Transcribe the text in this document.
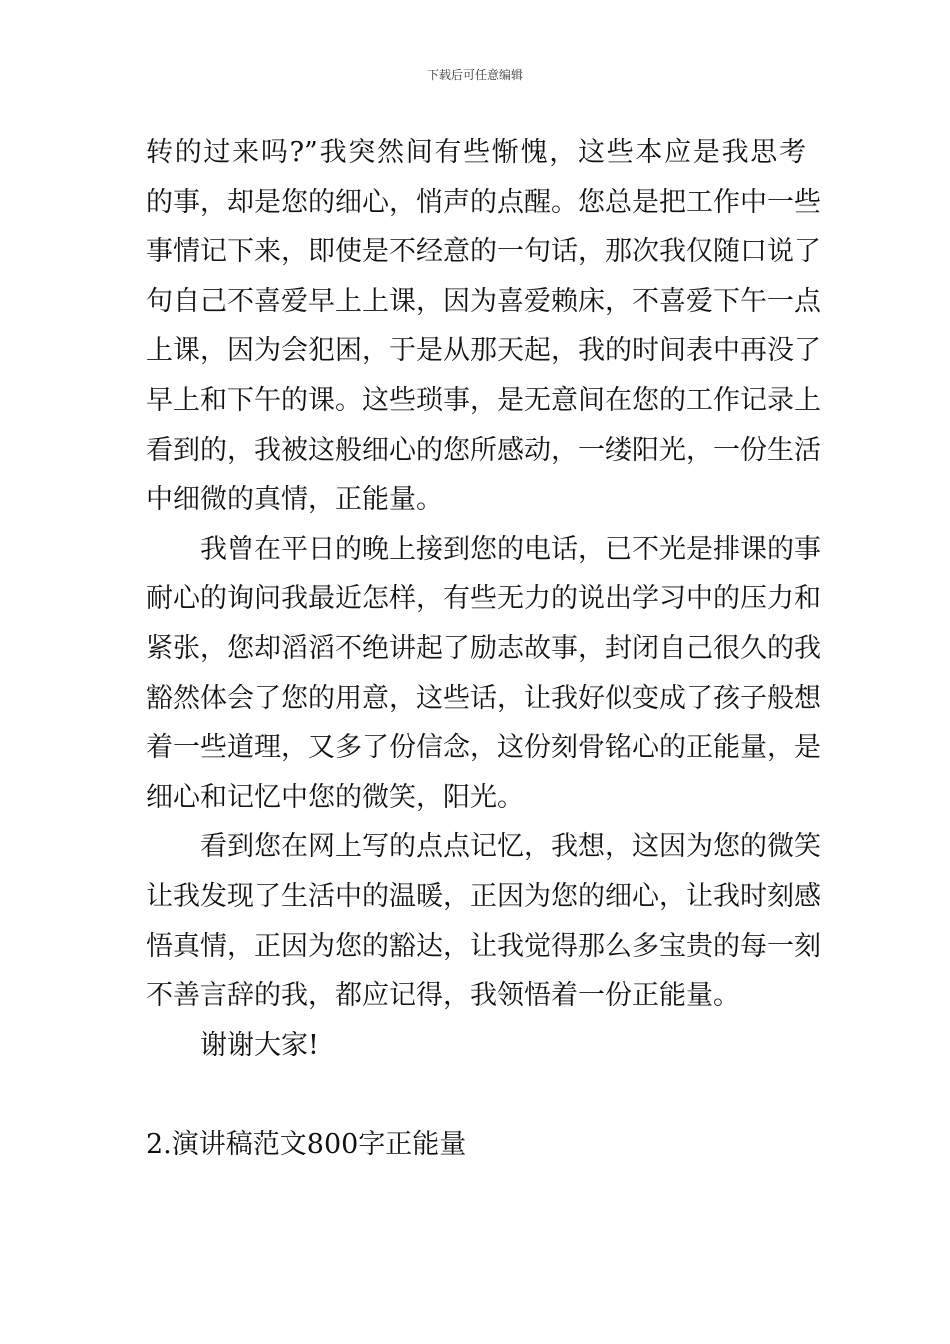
下载后可任意编辑
转的过来吗?”我突然间有些惭愧，这些本应是我思考
的事，却是您的细心，悄声的点醒。您总是把工作中一些
事情记下来，即使是不经意的一句话，那次我仅随口说了
句自己不喜爱早上上课，因为喜爱赖床，不喜爱下午一点
上课，因为会犯困，于是从那天起，我的时间表中再没了
早上和下午的课。这些琐事，是无意间在您的工作记录上
看到的，我被这般细心的您所感动，一缕阳光，一份生活
中细微的真情，正能量。
我曾在平日的晚上接到您的电话，已不光是排课的事
耐心的询问我最近怎样，有些无力的说出学习中的压力和
紧张，您却滔滔不绝讲起了励志故事，封闭自己很久的我
豁然体会了您的用意，这些话，让我好似变成了孩子般想
着一些道理，又多了份信念，这份刻骨铭心的正能量，是
细心和记忆中您的微笑，阳光。
看到您在网上写的点点记忆，我想，这因为您的微笑
让我发现了生活中的温暖，正因为您的细心，让我时刻感
悟真情，正因为您的豁达，让我觉得那么多宝贵的每一刻
不善言辞的我，都应记得，我领悟着一份正能量。
谢谢大家!
2.演讲稿范文800字正能量
